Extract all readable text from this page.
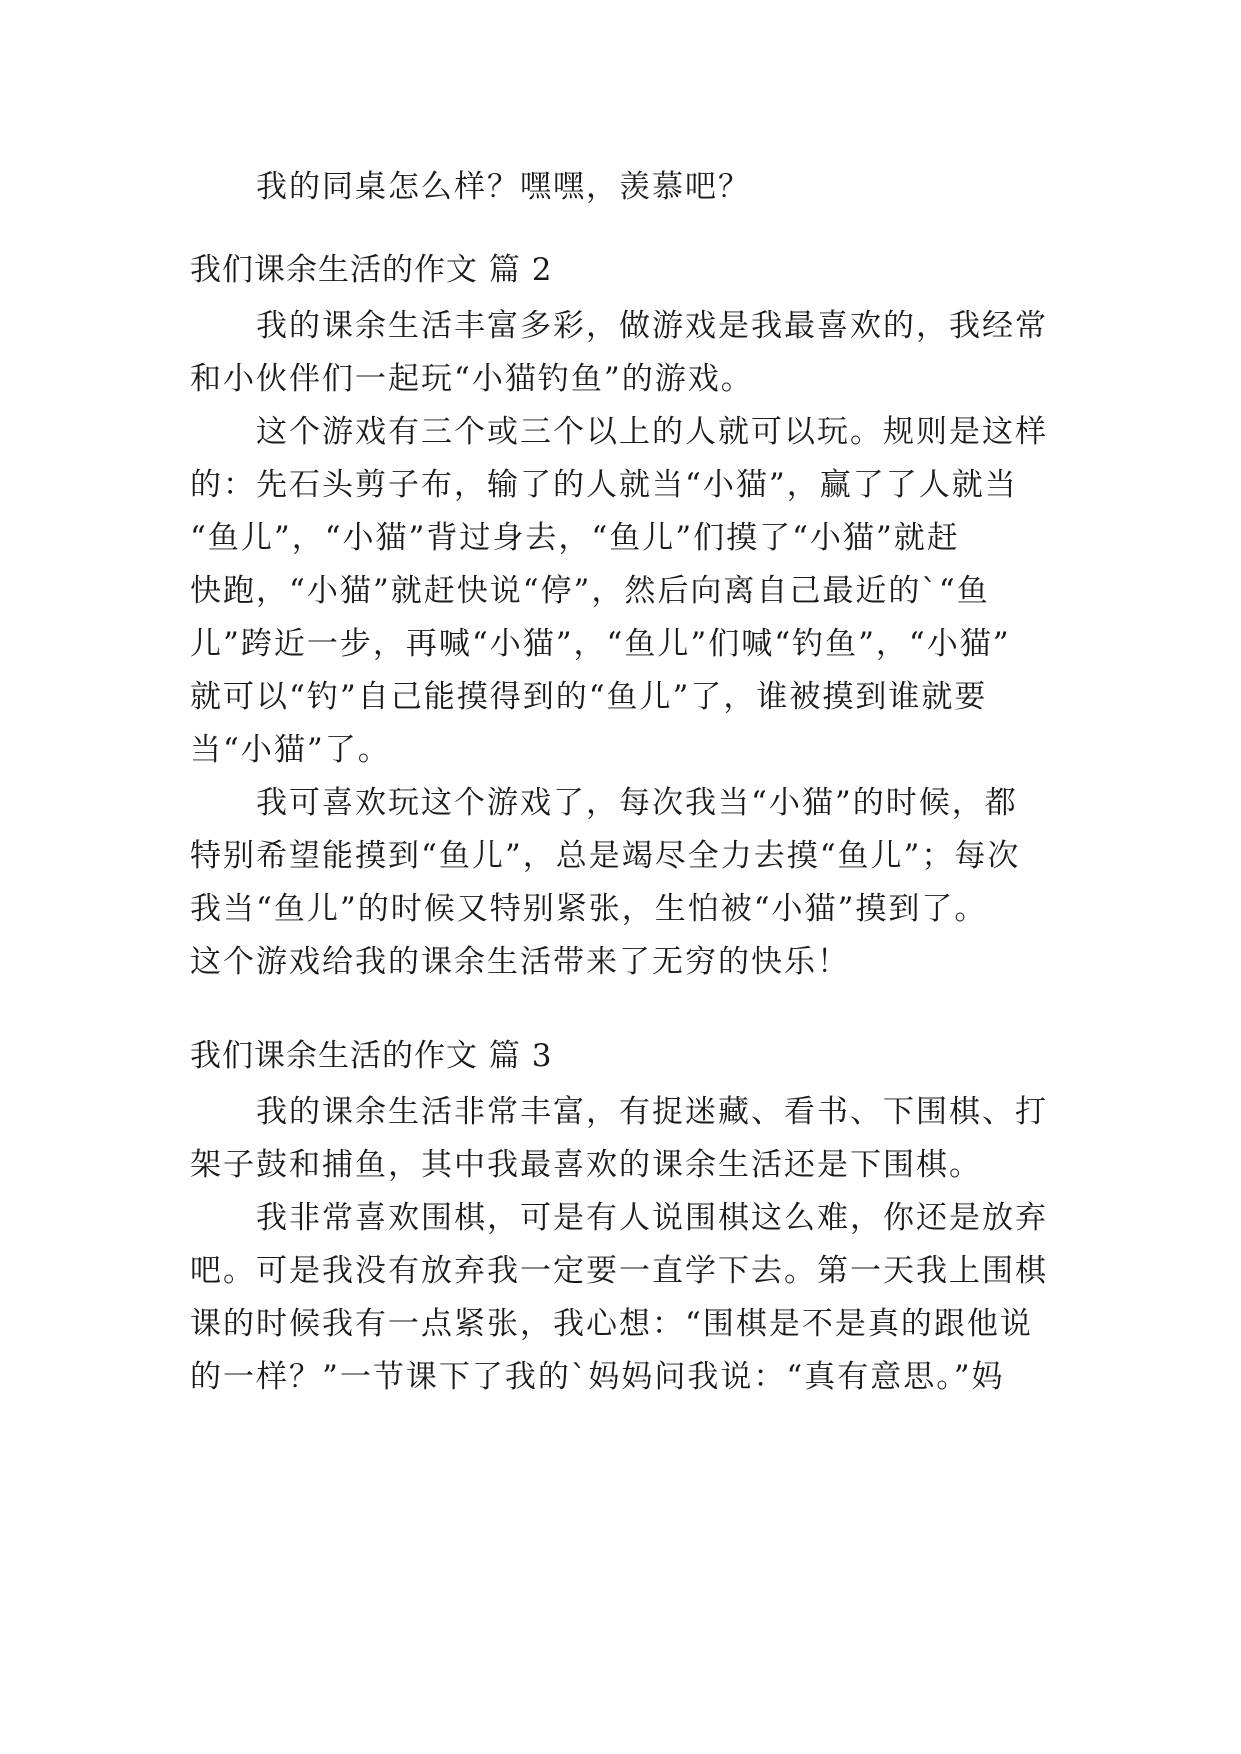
我的同桌怎么样？嘿嘿，羡慕吧？
我们课余生活的作文 篇 2
我的课余生活丰富多彩，做游戏是我最喜欢的，我经常
和小伙伴们一起玩“小猫钓鱼”的游戏。
这个游戏有三个或三个以上的人就可以玩。规则是这样
的：先石头剪子布，输了的人就当“小猫”，赢了了人就当
“鱼儿”，“小猫”背过身去，“鱼儿”们摸了“小猫”就赶
快跑，“小猫”就赶快说“停”，然后向离自己最近的`“鱼
儿”跨近一步，再喊“小猫”，“鱼儿”们喊“钓鱼”，“小猫”
就可以“钓”自己能摸得到的“鱼儿”了，谁被摸到谁就要
当“小猫”了。
我可喜欢玩这个游戏了，每次我当“小猫”的时候，都
特别希望能摸到“鱼儿”，总是竭尽全力去摸“鱼儿”；每次
我当“鱼儿”的时候又特别紧张，生怕被“小猫”摸到了。
这个游戏给我的课余生活带来了无穷的快乐！
我们课余生活的作文 篇 3
我的课余生活非常丰富，有捉迷藏、看书、下围棋、打
架子鼓和捕鱼，其中我最喜欢的课余生活还是下围棋。
我非常喜欢围棋，可是有人说围棋这么难，你还是放弃
吧。可是我没有放弃我一定要一直学下去。第一天我上围棋
课的时候我有一点紧张，我心想：“围棋是不是真的跟他说
的一样？”一节课下了我的`妈妈问我说：“真有意思。”妈
